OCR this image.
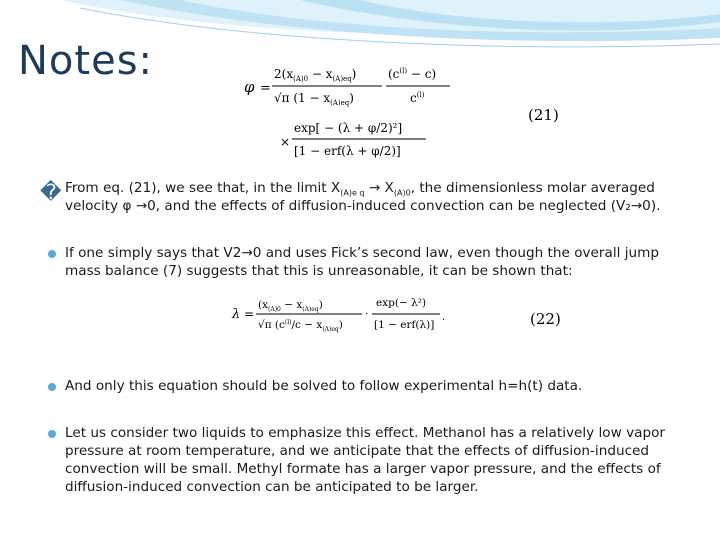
Notes:
φ =
$2(x_{(A)0} - x_{(A)eq})$
√π $(1 - x_{(A)eq})$
$(c^{(l)} - c)$
$c^{(l)}$
×
exp[ − (λ + φ/2)²]
[1 − erf(λ + φ/2)]
(21)
� From eq. (21), we see that, in the limit $X_{(A)e q} \to X_{(A)0}$, the dimensionless molar averaged velocity φ →0, and the effects of diffusion-induced convection can be neglected (V₂→0).
If one simply says that V2→0 and uses Fick’s second law, even though the overall jump mass balance (7) suggests that this is unreasonable, it can be shown that:
λ =
$(x_{(A)0} - x_{(A)eq})$
√π $(c^{(l)}/c - x_{(A)eq})$
·
exp(− λ²)
[1 − erf(λ)]
.	(22)
And only this equation should be solved to follow experimental h=h(t) data.
Let us consider two liquids to emphasize this effect. Methanol has a relatively low vapor pressure at room temperature, and we anticipate that the effects of diffusion-induced convection will be small. Methyl formate has a larger vapor pressure, and the effects of diffusion-induced convection can be anticipated to be larger.
